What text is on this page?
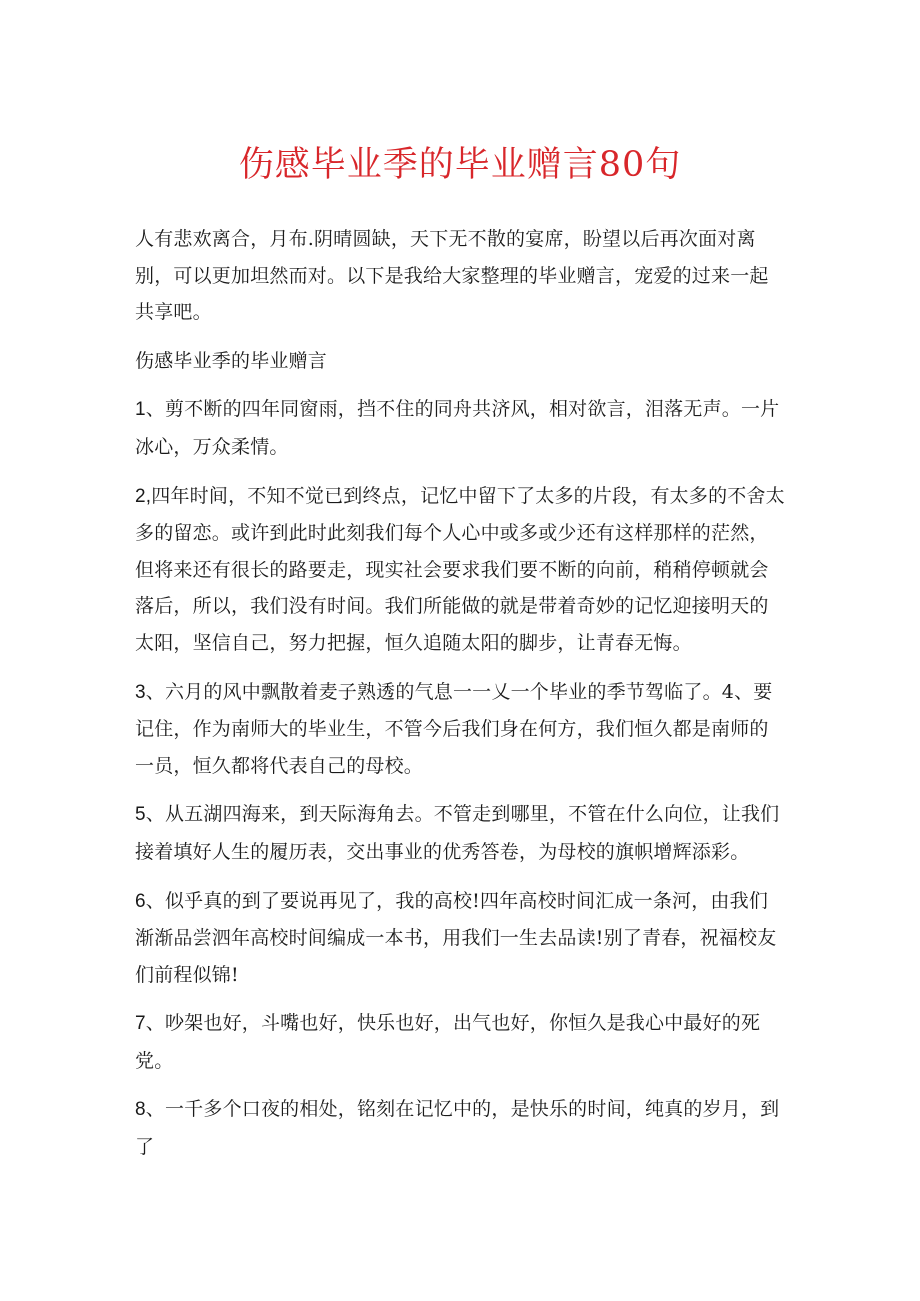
伤感毕业季的毕业赠言80句

人有悲欢离合，月布.阴晴圆缺，天下无不散的宴席，盼望以后再次面对离别，可以更加坦然而对。以下是我给大家整理的毕业赠言，宠爱的过来一起共享吧。

伤感毕业季的毕业赠言

1、剪不断的四年同窗雨，挡不住的同舟共济风，相对欲言，泪落无声。一片冰心，万众柔情。

2,四年时间，不知不觉已到终点，记忆中留下了太多的片段，有太多的不舍太多的留恋。或许到此时此刻我们每个人心中或多或少还有这样那样的茫然，但将来还有很长的路要走，现实社会要求我们要不断的向前，稍稍停顿就会落后，所以，我们没有时间。我们所能做的就是带着奇妙的记忆迎接明天的太阳，坚信自己，努力把握，恒久追随太阳的脚步，让青春无悔。

3、六月的风中飘散着麦子熟透的气息一一乂一个毕业的季节驾临了。4、要记住，作为南师大的毕业生，不管今后我们身在何方，我们恒久都是南师的一员，恒久都将代表自己的母校。

5、从五湖四海来，到天际海角去。不管走到哪里，不管在什么向位，让我们接着填好人生的履历表，交出事业的优秀答卷，为母校的旗帜增辉添彩。

6、似乎真的到了要说再见了，我的高校!四年高校时间汇成一条河，由我们渐渐品尝泗年高校时间编成一本书，用我们一生去品读!别了青春，祝福校友们前程似锦!

7、吵架也好，斗嘴也好，快乐也好，出气也好，你恒久是我心中最好的死党。

8、一千多个口夜的相处，铭刻在记忆中的，是快乐的时间，纯真的岁月，到了
